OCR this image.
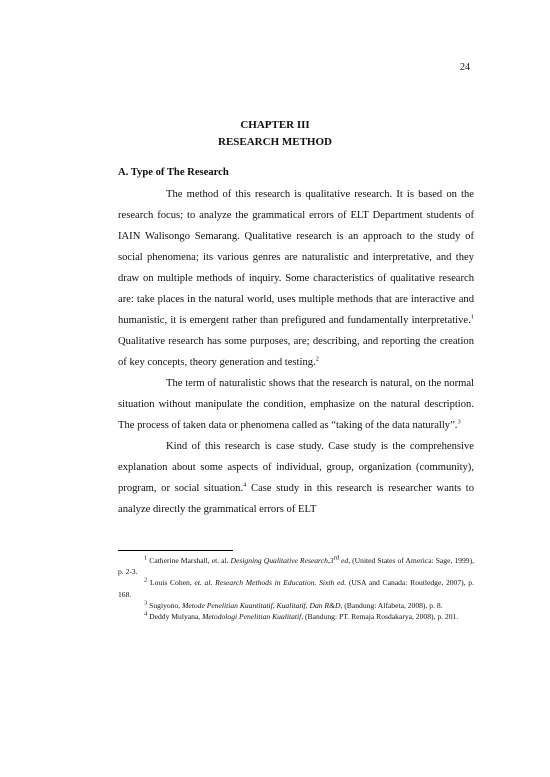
24
CHAPTER III
RESEARCH METHOD
A. Type of The Research

The method of this research is qualitative research. It is based on the research focus; to analyze the grammatical errors of ELT Department students of IAIN Walisongo Semarang. Qualitative research is an approach to the study of social phenomena; its various genres are naturalistic and interpretative, and they draw on multiple methods of inquiry. Some characteristics of qualitative research are: take places in the natural world, uses multiple methods that are interactive and humanistic, it is emergent rather than prefigured and fundamentally interpretative.$^1$ Qualitative research has some purposes, are; describing, and reporting the creation of key concepts, theory generation and testing.$^2$

The term of naturalistic shows that the research is natural, on the normal situation without manipulate the condition, emphasize on the natural description. The process of taken data or phenomena called as “taking of the data naturally”.$^3$

Kind of this research is case study. Case study is the comprehensive explanation about some aspects of individual, group, organization (community), program, or social situation.$^4$ Case study in this research is researcher wants to analyze directly the grammatical errors of ELT

$^1$ Catherine Marshall, et. al. Designing Qualitative Research,3rd ed, (United States of America: Sage, 1999), p. 2-3.

$^2$ Louis Cohen, et. al. Research Methods in Education. Sixth ed. (USA and Canada: Routledge, 2007), p. 168.

$^3$ Sugiyono, Metode Penelitian Kuantitatif, Kualitatif, Dan R&D, (Bandung: Alfabeta, 2008), p. 8.

$^4$ Deddy Mulyana, Metodologi Penelitian Kualitatif, (Bandung: PT. Remaja Rosdakarya, 2008), p. 201.
